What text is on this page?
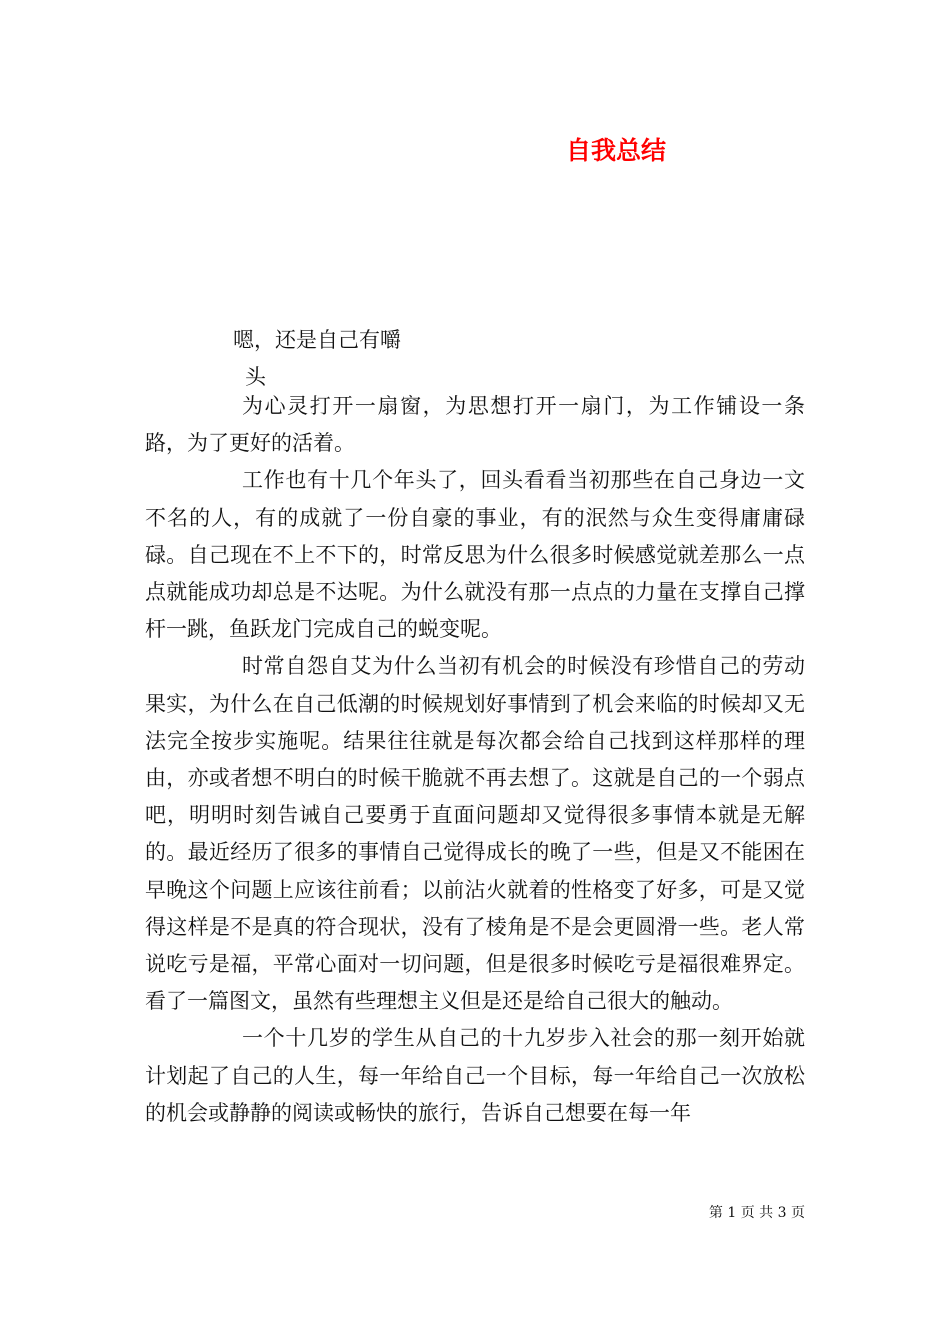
自我总结
嗯，还是自己有嚼
头

为心灵打开一扇窗，为思想打开一扇门，为工作铺设一条路，为了更好的活着。

工作也有十几个年头了，回头看看当初那些在自己身边一文不名的人，有的成就了一份自豪的事业，有的泯然与众生变得庸庸碌碌。自己现在不上不下的，时常反思为什么很多时候感觉就差那么一点点就能成功却总是不达呢。为什么就没有那一点点的力量在支撑自己撑杆一跳，鱼跃龙门完成自己的蜕变呢。

时常自怨自艾为什么当初有机会的时候没有珍惜自己的劳动果实，为什么在自己低潮的时候规划好事情到了机会来临的时候却又无法完全按步实施呢。结果往往就是每次都会给自己找到这样那样的理由，亦或者想不明白的时候干脆就不再去想了。这就是自己的一个弱点吧，明明时刻告诫自己要勇于直面问题却又觉得很多事情本就是无解的。最近经历了很多的事情自己觉得成长的晚了一些，但是又不能困在早晚这个问题上应该往前看；以前沾火就着的性格变了好多，可是又觉得这样是不是真的符合现状，没有了棱角是不是会更圆滑一些。老人常说吃亏是福，平常心面对一切问题，但是很多时候吃亏是福很难界定。看了一篇图文，虽然有些理想主义但是还是给自己很大的触动。

一个十几岁的学生从自己的十九岁步入社会的那一刻开始就计划起了自己的人生，每一年给自己一个目标，每一年给自己一次放松的机会或静静的阅读或畅快的旅行，告诉自己想要在每一年

第 1 页 共 3 页
